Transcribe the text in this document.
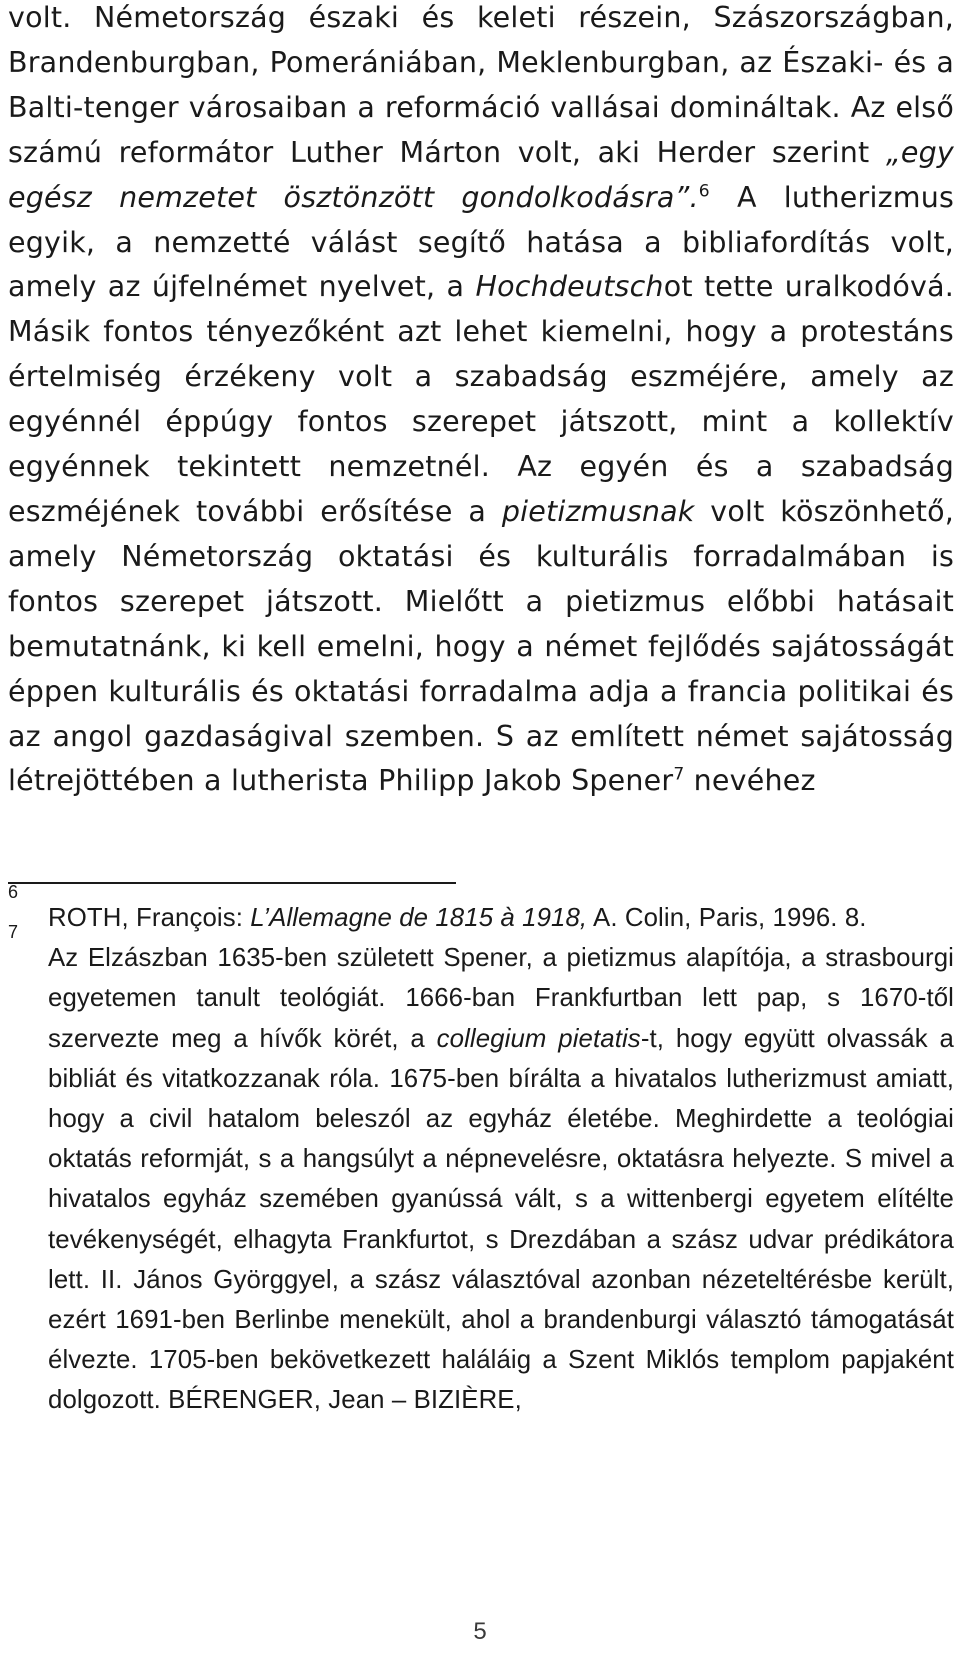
volt. Németország északi és keleti részein, Szászországban, Brandenburgban, Pomerániában, Meklenburgban, az Északi- és a Balti-tenger városaiban a reformáció vallásai domináltak. Az első számú reformátor Luther Márton volt, aki Herder szerint „egy egész nemzetet ösztönzött gondolkodásra”.$^6$ A lutherizmus egyik, a nemzetté válást segítő hatása a bibliafordítás volt, amely az újfelnémet nyelvet, a Hochdeutschot tette uralkodóvá. Másik fontos tényezőként azt lehet kiemelni, hogy a protestáns értelmiség érzékeny volt a szabadság eszméjére, amely az egyénnél éppúgy fontos szerepet játszott, mint a kollektív egyénnek tekintett nemzetnél. Az egyén és a szabadság eszméjének további erősítése a pietizmusnak volt köszönhető, amely Németország oktatási és kulturális forradalmában is fontos szerepet játszott. Mielőtt a pietizmus előbbi hatásait bemutatnánk, ki kell emelni, hogy a német fejlődés sajátosságát éppen kulturális és oktatási forradalma adja a francia politikai és az angol gazdaságival szemben. S az említett német sajátosság létrejöttében a lutherista Philipp Jakob Spener$^7$ nevéhez

6
ROTH, François: L’Allemagne de 1815 à 1918, A. Colin, Paris, 1996. 8.

7
Az Elzászban 1635-ben született Spener, a pietizmus alapítója, a strasbourgi egyetemen tanult teológiát. 1666-ban Frankfurtban lett pap, s 1670-től szervezte meg a hívők körét, a collegium pietatis-t, hogy együtt olvassák a bibliát és vitatkozzanak róla. 1675-ben bírálta a hivatalos lutherizmust amiatt, hogy a civil hatalom beleszól az egyház életébe. Meghirdette a teológiai oktatás reformját, s a hangsúlyt a népnevelésre, oktatásra helyezte. S mivel a hivatalos egyház szemében gyanússá vált, s a wittenbergi egyetem elítélte tevékenységét, elhagyta Frankfurtot, s Drezdában a szász udvar prédikátora lett. II. János Györggyel, a szász választóval azonban nézeteltérésbe került, ezért 1691-ben Berlinbe menekült, ahol a brandenburgi választó támogatását élvezte. 1705-ben bekövetkezett haláláig a Szent Miklós templom papjaként dolgozott. BÉRENGER, Jean – BIZIÈRE,

5
